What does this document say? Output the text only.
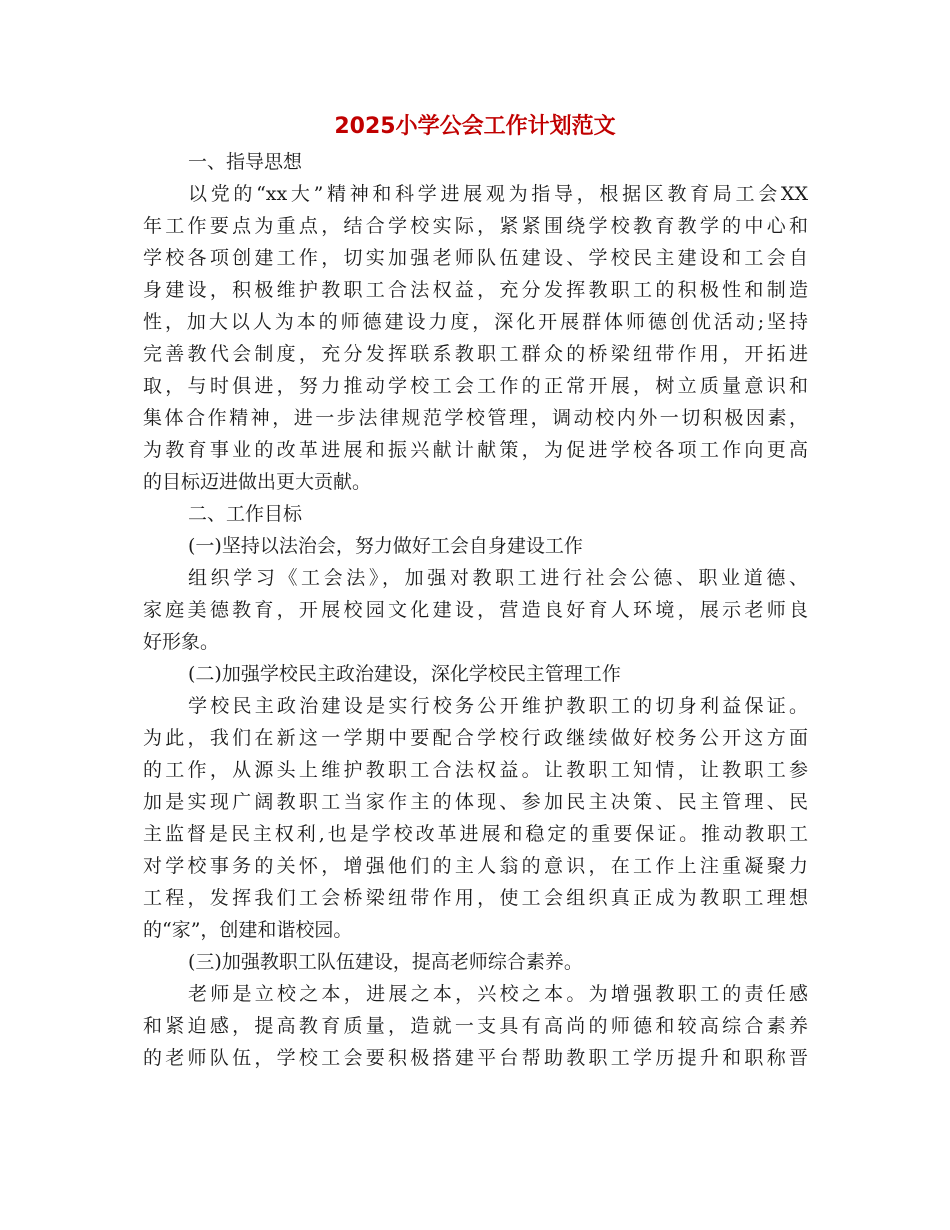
2025小学公会工作计划范文
一、指导思想
以党的“xx大”精神和科学进展观为指导，根据区教育局工会XX
年工作要点为重点，结合学校实际，紧紧围绕学校教育教学的中心和
学校各项创建工作，切实加强老师队伍建设、学校民主建设和工会自
身建设，积极维护教职工合法权益，充分发挥教职工的积极性和制造
性，加大以人为本的师德建设力度，深化开展群体师德创优活动;坚持
完善教代会制度，充分发挥联系教职工群众的桥梁纽带作用，开拓进
取，与时俱进，努力推动学校工会工作的正常开展，树立质量意识和
集体合作精神，进一步法律规范学校管理，调动校内外一切积极因素，
为教育事业的改革进展和振兴献计献策，为促进学校各项工作向更高
的目标迈进做出更大贡献。
二、工作目标
(一)坚持以法治会，努力做好工会自身建设工作
组织学习《工会法》，加强对教职工进行社会公德、职业道德、
家庭美德教育，开展校园文化建设，营造良好育人环境，展示老师良
好形象。
(二)加强学校民主政治建设，深化学校民主管理工作
学校民主政治建设是实行校务公开维护教职工的切身利益保证。
为此，我们在新这一学期中要配合学校行政继续做好校务公开这方面
的工作，从源头上维护教职工合法权益。让教职工知情，让教职工参
加是实现广阔教职工当家作主的体现、参加民主决策、民主管理、民
主监督是民主权利,也是学校改革进展和稳定的重要保证。推动教职工
对学校事务的关怀，增强他们的主人翁的意识，在工作上注重凝聚力
工程，发挥我们工会桥梁纽带作用，使工会组织真正成为教职工理想
的“家”，创建和谐校园。
(三)加强教职工队伍建设，提高老师综合素养。
老师是立校之本，进展之本，兴校之本。为增强教职工的责任感
和紧迫感，提高教育质量，造就一支具有高尚的师德和较高综合素养
的老师队伍，学校工会要积极搭建平台帮助教职工学历提升和职称晋
